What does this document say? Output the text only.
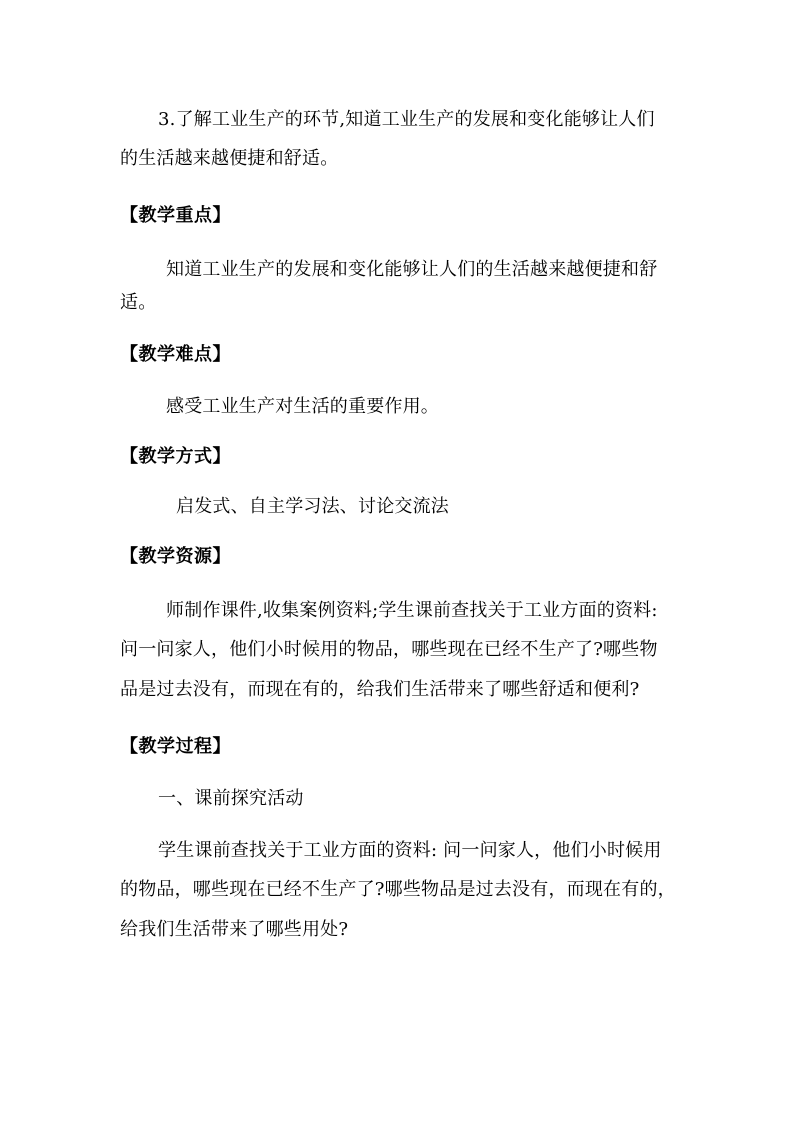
3.了解工业生产的环节,知道工业生产的发展和变化能够让人们
的生活越来越便捷和舒适。
【教学重点】
知道工业生产的发展和变化能够让人们的生活越来越便捷和舒
适。
【教学难点】
感受工业生产对生活的重要作用。
【教学方式】
启发式、自主学习法、讨论交流法
【教学资源】
师制作课件,收集案例资料;学生课前查找关于工业方面的资料:
问一问家人，他们小时候用的物品，哪些现在已经不生产了?哪些物
品是过去没有，而现在有的，给我们生活带来了哪些舒适和便利?
【教学过程】
一、课前探究活动
学生课前查找关于工业方面的资料: 问一问家人，他们小时候用
的物品，哪些现在已经不生产了?哪些物品是过去没有，而现在有的，
给我们生活带来了哪些用处?
